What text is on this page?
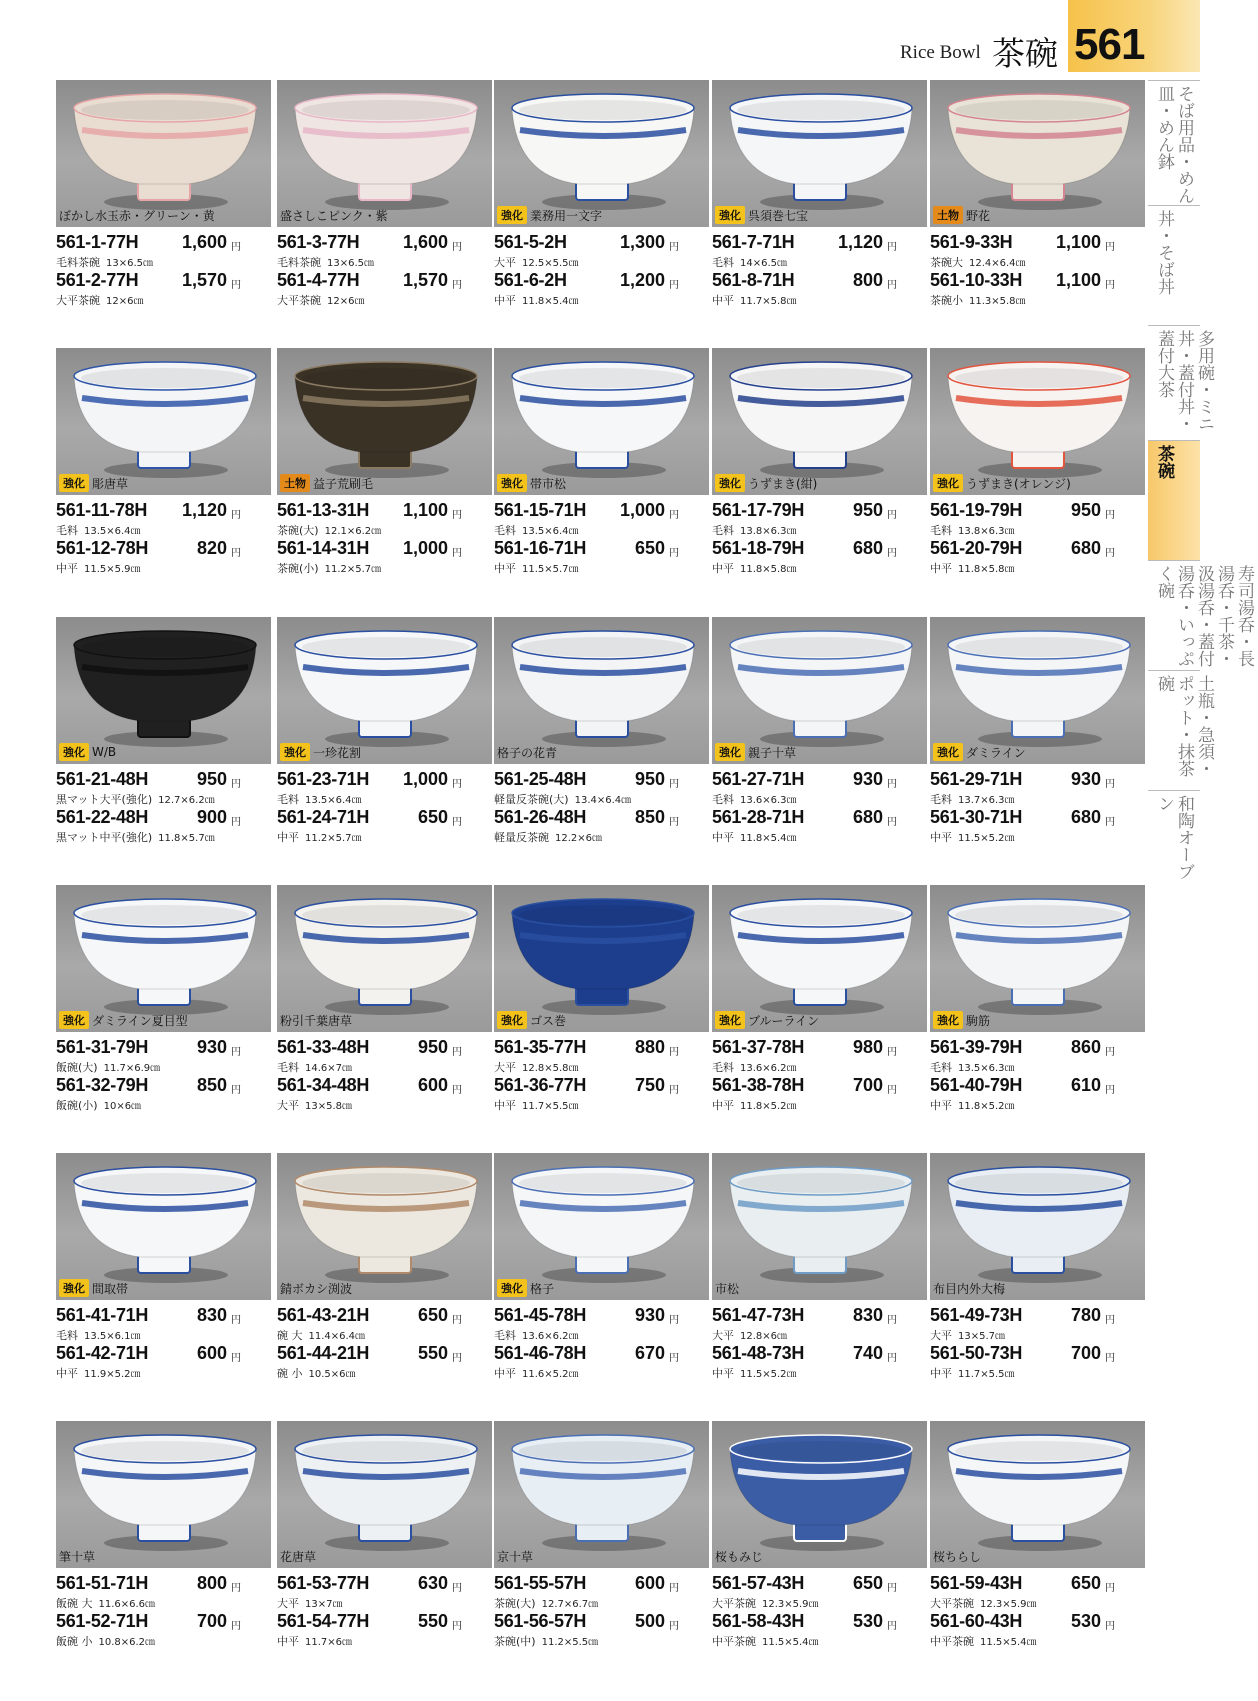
Rice Bowl 茶碗 561
そば用品・めん皿・めん鉢
丼・そば丼
多用碗・ミニ丼・蓋付丼・蓋付大茶
茶碗
寿司湯呑・長湯呑・千茶・汲湯呑・蓋付湯呑・いっぷく碗
土瓶・急須・ポット・抹茶碗
和陶オーブン
ぼかし水玉赤・グリーン・黄
561-1-77H 1,600 円
毛料茶碗 13×6.5㎝
561-2-77H 1,570 円
大平茶碗 12×6㎝
盛さしこピンク・紫
561-3-77H 1,600 円
毛料茶碗 13×6.5㎝
561-4-77H 1,570 円
大平茶碗 12×6㎝
強化 業務用一文字
561-5-2H	1,300 円
大平 12.5×5.5㎝
561-6-2H	1,200 円
中平 11.8×5.4㎝
強化 呉須巻七宝
561-7-71H 1,120 円
毛料 14×6.5㎝
561-8-71H	800 円
中平 11.7×5.8㎝
土物 野花
561-9-33H 1,100 円
茶碗大 12.4×6.4㎝
561-10-33H 1,100 円
茶碗小 11.3×5.8㎝
強化 彫唐草
561-11-78H 1,120 円
毛料 13.5×6.4㎝
561-12-78H	820 円
中平 11.5×5.9㎝
土物 益子荒刷毛
561-13-31H 1,100 円
茶碗(大) 12.1×6.2㎝
561-14-31H 1,000 円
茶碗(小) 11.2×5.7㎝
強化 帯市松
561-15-71H 1,000 円
毛料 13.5×6.4㎝
561-16-71H	650 円
中平 11.5×5.7㎝
強化 うずまき(紺)
561-17-79H	950 円
毛料 13.8×6.3㎝
561-18-79H	680 円
中平 11.8×5.8㎝
強化 うずまき(オレンジ)
561-19-79H	950 円
毛料 13.8×6.3㎝
561-20-79H	680 円
中平 11.8×5.8㎝
強化 W/B
561-21-48H	950 円
黒マット大平(強化) 12.7×6.2㎝
561-22-48H	900 円
黒マット中平(強化) 11.8×5.7㎝
強化 一珍花割
561-23-71H 1,000 円
毛料 13.5×6.4㎝
561-24-71H	650 円
中平 11.2×5.7㎝
格子の花青
561-25-48H	950 円
軽量反茶碗(大) 13.4×6.4㎝
561-26-48H	850 円
軽量反茶碗 12.2×6㎝
強化 親子十草
561-27-71H	930 円
毛料 13.6×6.3㎝
561-28-71H	680 円
中平 11.8×5.4㎝
強化 ダミライン
561-29-71H	930 円
毛料 13.7×6.3㎝
561-30-71H	680 円
中平 11.5×5.2㎝
強化 ダミライン夏目型
561-31-79H	930 円
飯碗(大) 11.7×6.9㎝
561-32-79H	850 円
飯碗(小) 10×6㎝
粉引千葉唐草
561-33-48H	950 円
毛料 14.6×7㎝
561-34-48H	600 円
大平 13×5.8㎝
強化 ゴス巻
561-35-77H	880 円
大平 12.8×5.8㎝
561-36-77H	750 円
中平 11.7×5.5㎝
強化 ブルーライン
561-37-78H	980 円
毛料 13.6×6.2㎝
561-38-78H	700 円
中平 11.8×5.2㎝
強化 駒筋
561-39-79H	860 円
毛料 13.5×6.3㎝
561-40-79H	610 円
中平 11.8×5.2㎝
強化 間取帯
561-41-71H	830 円
毛料 13.5×6.1㎝
561-42-71H	600 円
中平 11.9×5.2㎝
錆ボカシ渕波
561-43-21H	650 円
碗 大 11.4×6.4㎝
561-44-21H	550 円
碗 小 10.5×6㎝
強化 格子
561-45-78H	930 円
毛料 13.6×6.2㎝
561-46-78H	670 円
中平 11.6×5.2㎝
市松
561-47-73H	830 円
大平 12.8×6㎝
561-48-73H	740 円
中平 11.5×5.2㎝
布目内外大梅
561-49-73H	780 円
大平 13×5.7㎝
561-50-73H	700 円
中平 11.7×5.5㎝
筆十草
561-51-71H	800 円
飯碗 大 11.6×6.6㎝
561-52-71H	700 円
飯碗 小 10.8×6.2㎝
花唐草
561-53-77H	630 円
大平 13×7㎝
561-54-77H	550 円
中平 11.7×6㎝
京十草
561-55-57H	600 円
茶碗(大) 12.7×6.7㎝
561-56-57H	500 円
茶碗(中) 11.2×5.5㎝
桜もみじ
561-57-43H	650 円
大平茶碗 12.3×5.9㎝
561-58-43H	530 円
中平茶碗 11.5×5.4㎝
桜ちらし
561-59-43H	650 円
大平茶碗 12.3×5.9㎝
561-60-43H	530 円
中平茶碗 11.5×5.4㎝
